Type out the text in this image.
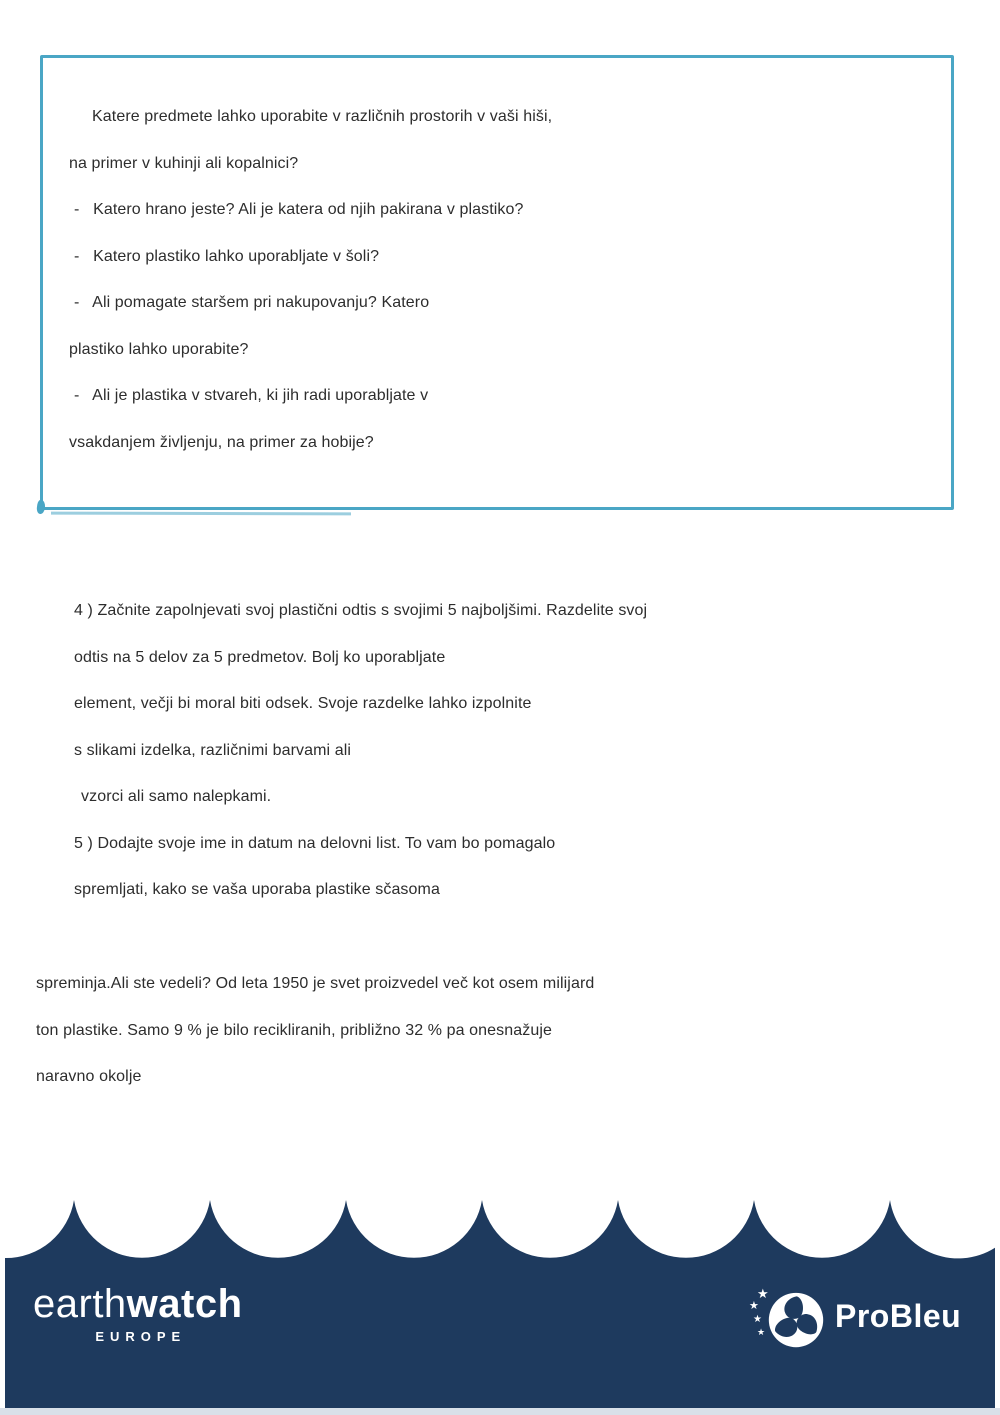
Katere predmete lahko uporabite v različnih prostorih v vaši hiši,
na primer v kuhinji ali kopalnici?
-   Katero hrano jeste? Ali je katera od njih pakirana v plastiko?
-   Katero plastiko lahko uporabljate v šoli?
-   Ali pomagate staršem pri nakupovanju? Katero
plastiko lahko uporabite?
-   Ali je plastika v stvareh, ki jih radi uporabljate v
vsakdanjem življenju, na primer za hobije?
4 ) Začnite zapolnjevati svoj plastični odtis s svojimi 5 najboljšimi. Razdelite svoj
odtis na 5 delov za 5 predmetov. Bolj ko uporabljate
element, večji bi moral biti odsek. Svoje razdelke lahko izpolnite
s slikami izdelka, različnimi barvami ali
vzorci ali samo nalepkami.
5 ) Dodajte svoje ime in datum na delovni list. To vam bo pomagalo
spremljati, kako se vaša uporaba plastike sčasoma
spreminja.Ali ste vedeli? Od leta 1950 je svet proizvedel več kot osem milijard
ton plastike. Samo 9 % je bilo recikliranih, približno 32 % pa onesnažuje
naravno okolje
earthwatch
EUROPE
★
★
★
★ ProBleu
